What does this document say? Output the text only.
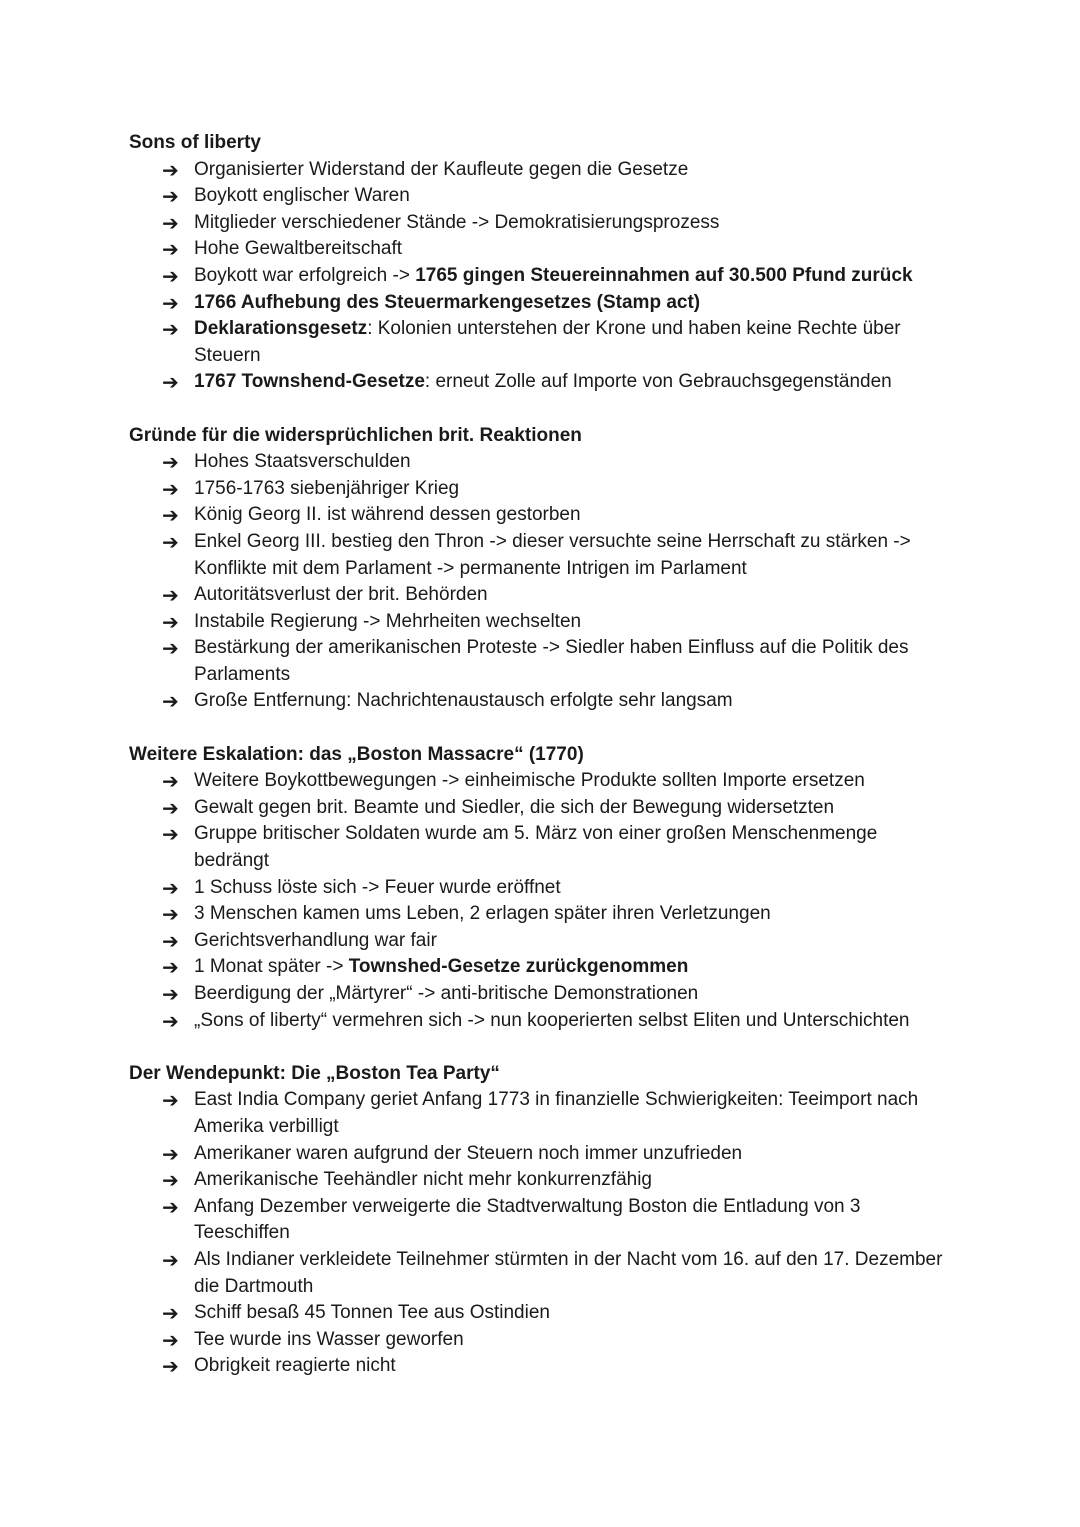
Sons of liberty
➔ Organisierter Widerstand der Kaufleute gegen die Gesetze
➔ Boykott englischer Waren
➔ Mitglieder verschiedener Stände -> Demokratisierungsprozess
➔ Hohe Gewaltbereitschaft
➔ Boykott war erfolgreich -> 1765 gingen Steuereinnahmen auf 30.500 Pfund zurück
➔ 1766 Aufhebung des Steuermarkengesetzes (Stamp act)
➔ Deklarationsgesetz: Kolonien unterstehen der Krone und haben keine Rechte über Steuern
➔ 1767 Townshend-Gesetze: erneut Zolle auf Importe von Gebrauchsgegenständen
Gründe für die widersprüchlichen brit. Reaktionen
➔ Hohes Staatsverschulden
➔ 1756-1763 siebenjähriger Krieg
➔ König Georg II. ist während dessen gestorben
➔ Enkel Georg III. bestieg den Thron -> dieser versuchte seine Herrschaft zu stärken -> Konflikte mit dem Parlament -> permanente Intrigen im Parlament
➔ Autoritätsverlust der brit. Behörden
➔ Instabile Regierung -> Mehrheiten wechselten
➔ Bestärkung der amerikanischen Proteste -> Siedler haben Einfluss auf die Politik des Parlaments
➔ Große Entfernung: Nachrichtenaustausch erfolgte sehr langsam
Weitere Eskalation: das „Boston Massacre“ (1770)
➔ Weitere Boykottbewegungen -> einheimische Produkte sollten Importe ersetzen
➔ Gewalt gegen brit. Beamte und Siedler, die sich der Bewegung widersetzten
➔ Gruppe britischer Soldaten wurde am 5. März von einer großen Menschenmenge bedrängt
➔ 1 Schuss löste sich -> Feuer wurde eröffnet
➔ 3 Menschen kamen ums Leben, 2 erlagen später ihren Verletzungen
➔ Gerichtsverhandlung war fair
➔ 1 Monat später -> Townshed-Gesetze zurückgenommen
➔ Beerdigung der „Märtyrer“ -> anti-britische Demonstrationen
➔ „Sons of liberty“ vermehren sich -> nun kooperierten selbst Eliten und Unterschichten
Der Wendepunkt: Die „Boston Tea Party“
➔ East India Company geriet Anfang 1773 in finanzielle Schwierigkeiten: Teeimport nach Amerika verbilligt
➔ Amerikaner waren aufgrund der Steuern noch immer unzufrieden
➔ Amerikanische Teehändler nicht mehr konkurrenzfähig
➔ Anfang Dezember verweigerte die Stadtverwaltung Boston die Entladung von 3 Teeschiffen
➔ Als Indianer verkleidete Teilnehmer stürmten in der Nacht vom 16. auf den 17. Dezember die Dartmouth
➔ Schiff besaß 45 Tonnen Tee aus Ostindien
➔ Tee wurde ins Wasser geworfen
➔ Obrigkeit reagierte nicht
